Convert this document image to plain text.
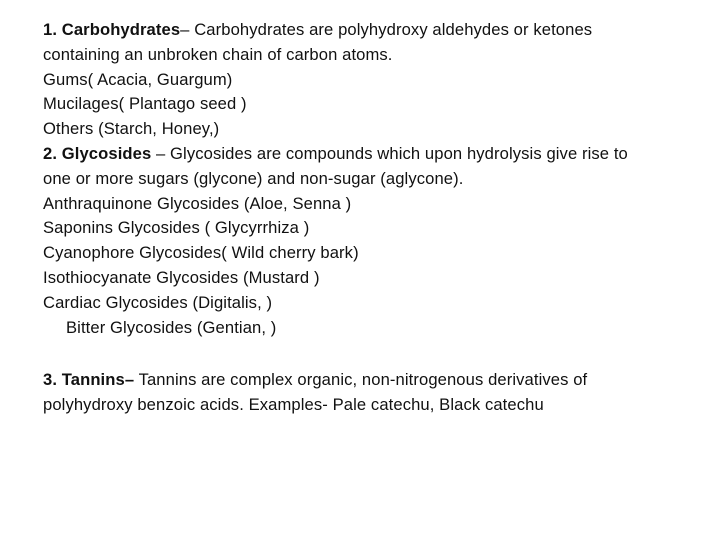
1. Carbohydrates– Carbohydrates are polyhydroxy aldehydes or ketones
containing an unbroken chain of carbon atoms.
Gums( Acacia, Guargum)
Mucilages( Plantago seed )
Others (Starch, Honey,)
2. Glycosides – Glycosides are compounds which upon hydrolysis give rise to
one or more sugars (glycone) and non-sugar (aglycone).
Anthraquinone Glycosides (Aloe, Senna )
Saponins Glycosides ( Glycyrrhiza )
Cyanophore Glycosides( Wild cherry bark)
Isothiocyanate Glycosides (Mustard )
Cardiac Glycosides (Digitalis, )
Bitter Glycosides (Gentian, )
3. Tannins– Tannins are complex organic, non-nitrogenous derivatives of
polyhydroxy benzoic acids. Examples- Pale catechu, Black catechu
